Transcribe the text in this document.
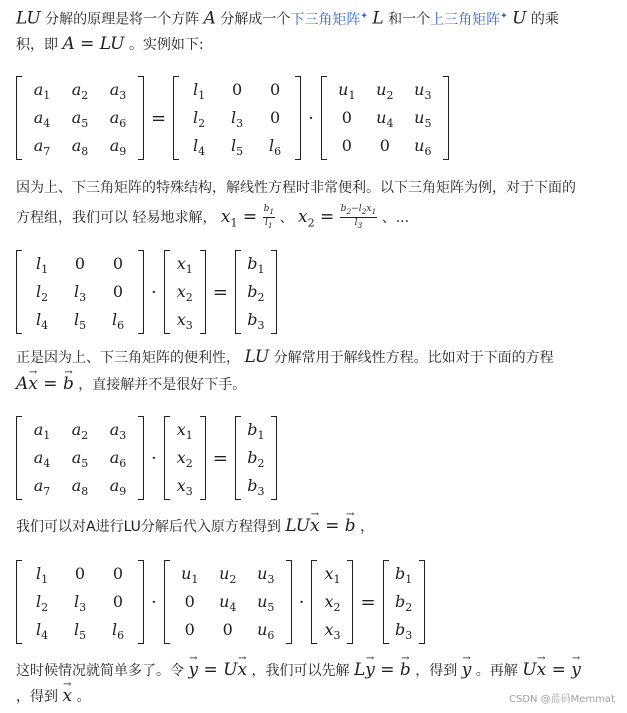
LU 分解的原理是将一个方阵 A 分解成一个下三角矩阵✦ L 和一个上三角矩阵✦ U 的乘
积，即 A = LU 。实例如下:
$a_1$	$a_2$	$a_3$
$a_4$	$a_5$	$a_6$
$a_7$	$a_8$	$a_9$
=
$l_1$	0	0
$l_2$	$l_3$	0
$l_4$	$l_5$	$l_6$
·
$u_1$	$u_2$	$u_3$
0	$u_4$	$u_5$
0	0	$u_6$
因为上、下三角矩阵的特殊结构，解线性方程时非常便利。以下三角矩阵为例，对于下面的
方程组，我们可以 轻易地求解， $x_1 = \frac{b_1}{l_1}$ 、 $x_2 = \frac{b_2-l_2x_1}{l_3}$ 、...
$l_1$	0	0
$l_2$	$l_3$	0
$l_4$	$l_5$	$l_6$
·
$x_1$
$x_2$
$x_3$
=
$b_1$
$b_2$
$b_3$
正是因为上、下三角矩阵的便利性， LU 分解常用于解线性方程。比如对于下面的方程
A→ x = → b ，直接解并不是很好下手。
$a_1$	$a_2$	$a_3$
$a_4$	$a_5$	$a_6$
$a_7$	$a_8$	$a_9$
·
$x_1$
$x_2$
$x_3$
=
$b_1$
$b_2$
$b_3$
我们可以对A进行LU分解后代入原方程得到 LU→ x = → b ，
$l_1$	0	0
$l_2$	$l_3$	0
$l_4$	$l_5$	$l_6$
·
$u_1$	$u_2$	$u_3$
0	$u_4$	$u_5$
0	0	$u_6$
·
$x_1$
$x_2$
$x_3$
=
$b_1$
$b_2$
$b_3$
这时候情况就简单多了。令 → y = U→ x ，我们可以先解 L→ y = → b ，得到 → y 。再解 U→ x = → y
，得到 → x 。	CSDN @蓝码Memmat
